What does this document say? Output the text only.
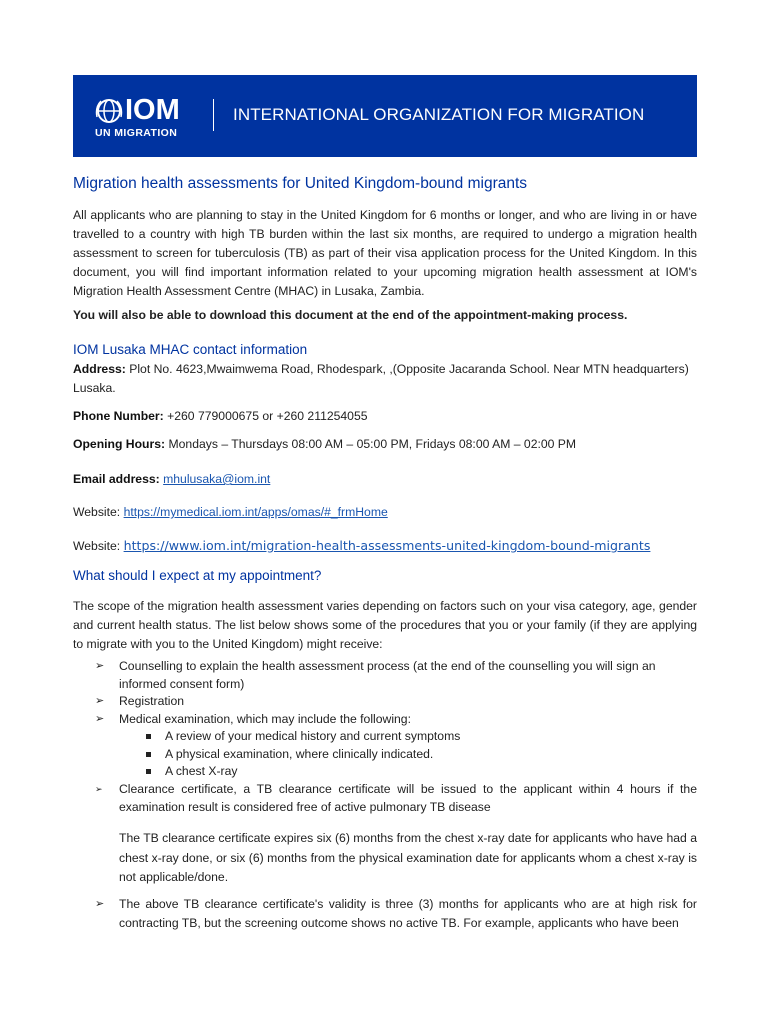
IOM
UN MIGRATION
INTERNATIONAL ORGANIZATION FOR MIGRATION
Migration health assessments for United Kingdom-bound migrants

All applicants who are planning to stay in the United Kingdom for 6 months or longer, and who are living in or have travelled to a country with high TB burden within the last six months, are required to undergo a migration health assessment to screen for tuberculosis (TB) as part of their visa application process for the United Kingdom. In this document, you will find important information related to your upcoming migration health assessment at IOM's Migration Health Assessment Centre (MHAC) in Lusaka, Zambia.

You will also be able to download this document at the end of the appointment-making process.
IOM Lusaka MHAC contact information
Address: Plot No. 4623,Mwaimwema Road, Rhodespark, ,(Opposite Jacaranda School. Near MTN headquarters)
Lusaka.
Phone Number: +260 779000675 or +260 211254055
Opening Hours: Mondays – Thursdays 08:00 AM – 05:00 PM, Fridays 08:00 AM – 02:00 PM
Email address: mhulusaka@iom.int
Website: https://mymedical.iom.int/apps/omas/#_frmHome
Website: https://www.iom.int/migration-health-assessments-united-kingdom-bound-migrants
What should I expect at my appointment?

The scope of the migration health assessment varies depending on factors such on your visa category, age, gender and current health status. The list below shows some of the procedures that you or your family (if they are applying to migrate with you to the United Kingdom) might receive:

➢ Counselling to explain the health assessment process (at the end of the counselling you will sign an informed consent form)
➢ Registration
➢ Medical examination, which may include the following:
A review of your medical history and current symptoms
A physical examination, where clinically indicated.
A chest X-ray
➢ Clearance certificate, a TB clearance certificate will be issued to the applicant within 4 hours if the examination result is considered free of active pulmonary TB disease

The TB clearance certificate expires six (6) months from the chest x-ray date for applicants who have had a chest x-ray done, or six (6) months from the physical examination date for applicants whom a chest x-ray is not applicable/done.

➢ The above TB clearance certificate's validity is three (3) months for applicants who are at high risk for contracting TB, but the screening outcome shows no active TB. For example, applicants who have been
